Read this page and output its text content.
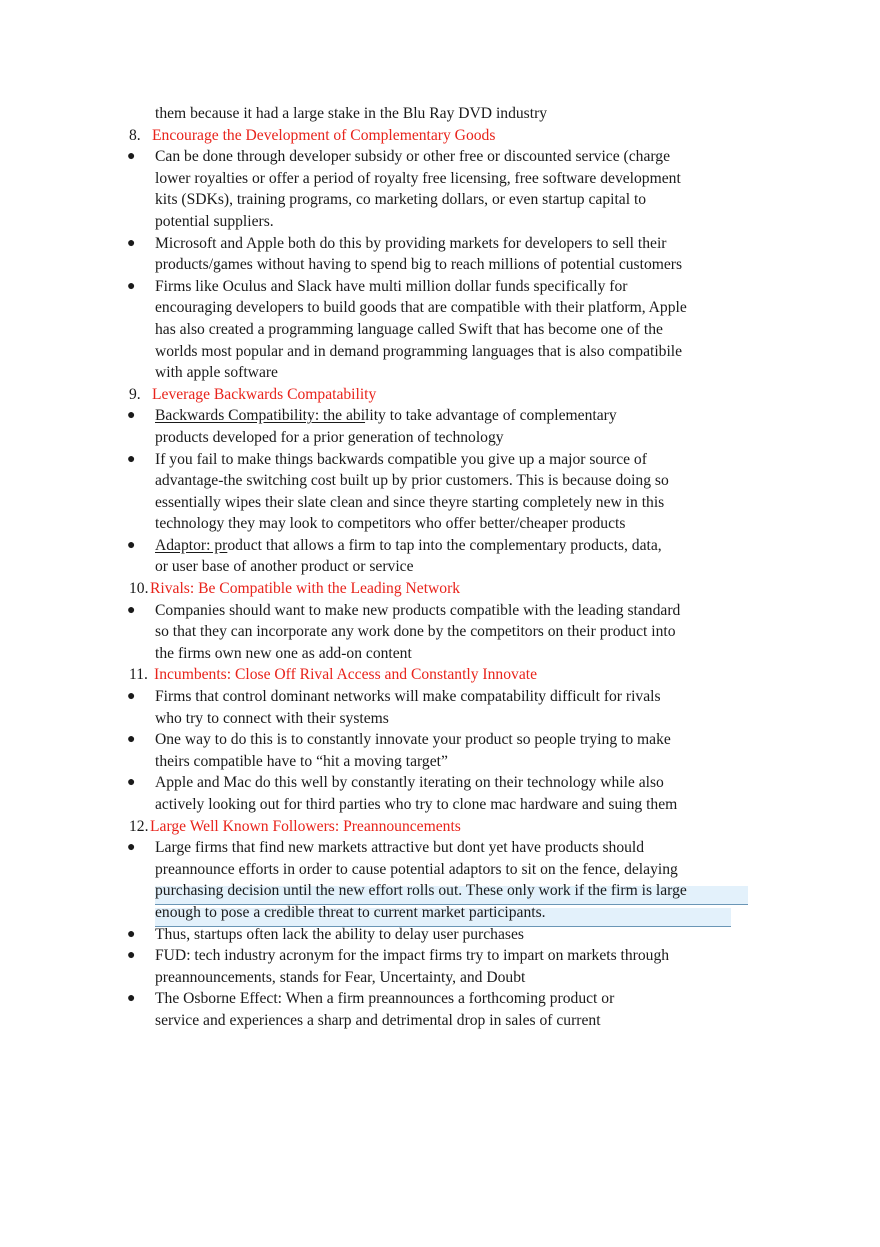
them because it had a large stake in the Blu Ray DVD industry
8. Encourage the Development of Complementary Goods
● Can be done through developer subsidy or other free or discounted service (charge
lower royalties or offer a period of royalty free licensing, free software development
kits (SDKs), training programs, co marketing dollars, or even startup capital to
potential suppliers.
● Microsoft and Apple both do this by providing markets for developers to sell their
products/games without having to spend big to reach millions of potential customers
● Firms like Oculus and Slack have multi million dollar funds specifically for
encouraging developers to build goods that are compatible with their platform, Apple
has also created a programming language called Swift that has become one of the
worlds most popular and in demand programming languages that is also compatibile
with apple software
9. Leverage Backwards Compatability
● Backwards Compatibility: the ability to take advantage of complementary
products developed for a prior generation of technology
● If you fail to make things backwards compatible you give up a major source of
advantage-the switching cost built up by prior customers. This is because doing so
essentially wipes their slate clean and since theyre starting completely new in this
technology they may look to competitors who offer better/cheaper products
● Adaptor: product that allows a firm to tap into the complementary products, data,
or user base of another product or service
10. Rivals: Be Compatible with the Leading Network
● Companies should want to make new products compatible with the leading standard
so that they can incorporate any work done by the competitors on their product into
the firms own new one as add-on content
11. Incumbents: Close Off Rival Access and Constantly Innovate
● Firms that control dominant networks will make compatability difficult for rivals
who try to connect with their systems
● One way to do this is to constantly innovate your product so people trying to make
theirs compatible have to “hit a moving target”
● Apple and Mac do this well by constantly iterating on their technology while also
actively looking out for third parties who try to clone mac hardware and suing them
12. Large Well Known Followers: Preannouncements
● Large firms that find new markets attractive but dont yet have products should
preannounce efforts in order to cause potential adaptors to sit on the fence, delaying
purchasing decision until the new effort rolls out. These only work if the firm is large
enough to pose a credible threat to current market participants.
● Thus, startups often lack the ability to delay user purchases
● FUD: tech industry acronym for the impact firms try to impart on markets through
preannouncements, stands for Fear, Uncertainty, and Doubt
● The Osborne Effect: When a firm preannounces a forthcoming product or
service and experiences a sharp and detrimental drop in sales of current
